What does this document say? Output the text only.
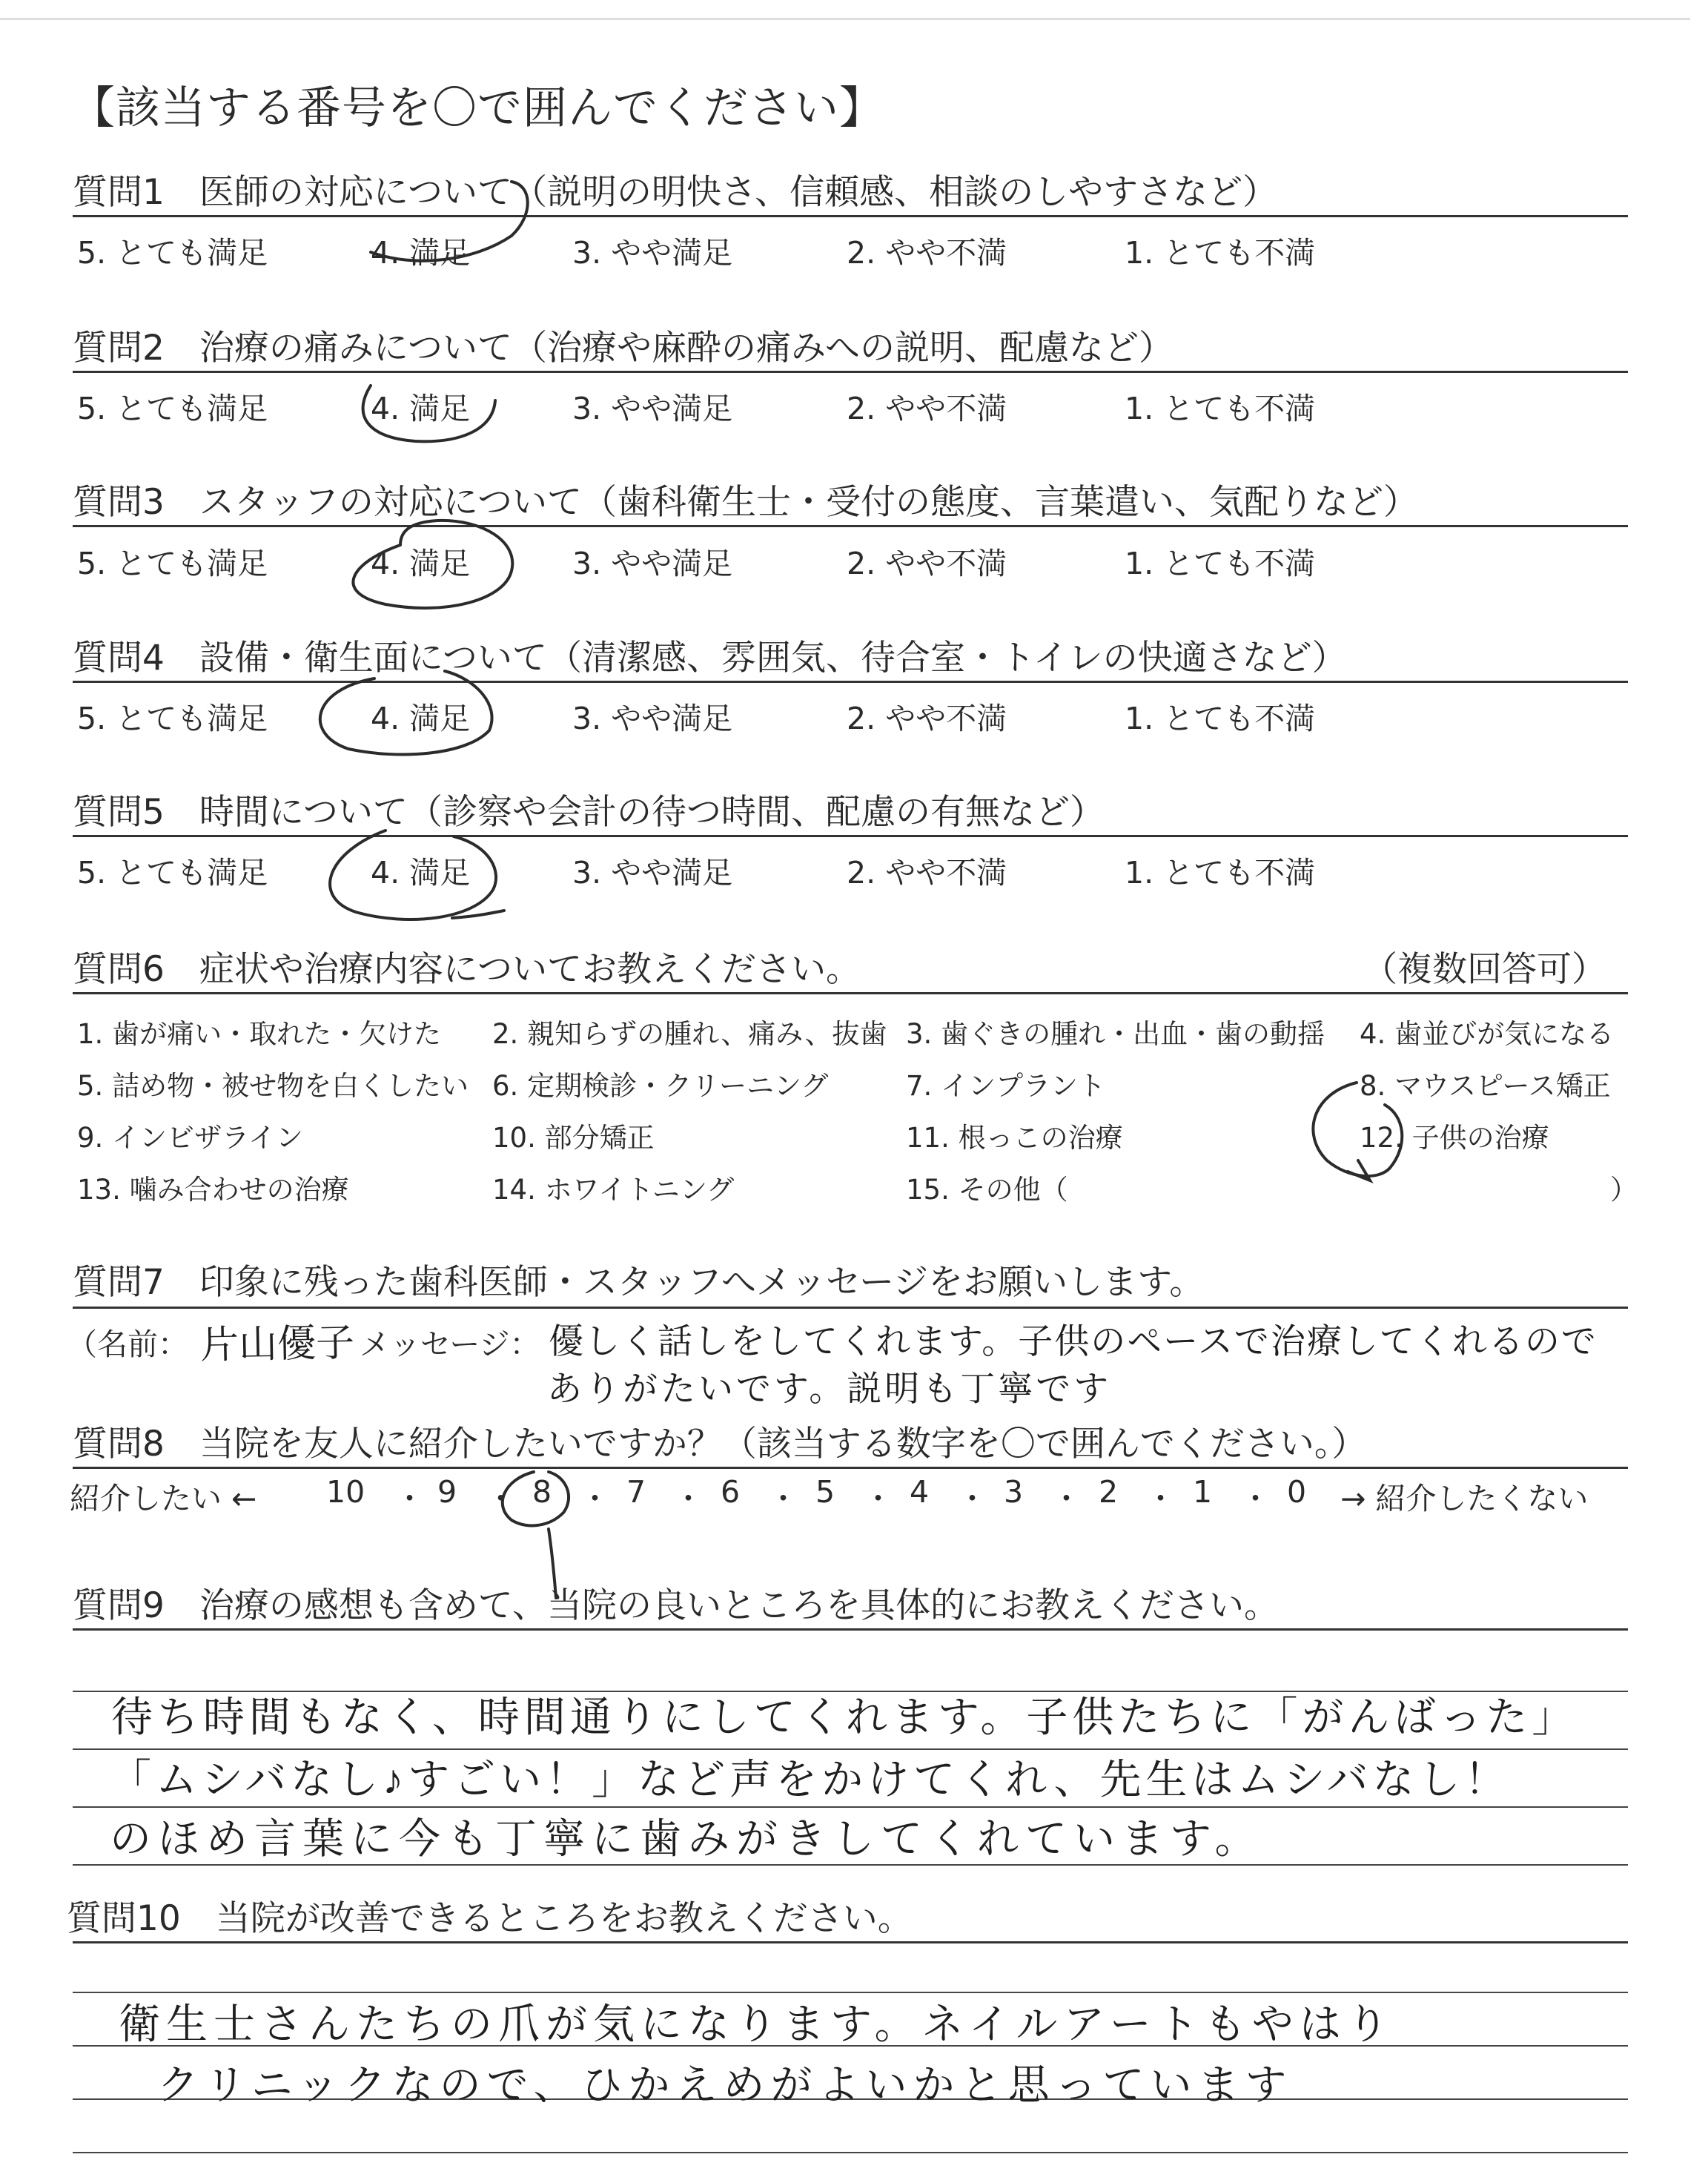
【該当する番号を〇で囲んでください】
質問1　医師の対応について（説明の明快さ、信頼感、相談のしやすさなど）
5. とても満足	4. 満足	3. やや満足	2. やや不満	1. とても不満
質問2　治療の痛みについて（治療や麻酔の痛みへの説明、配慮など）
5. とても満足	4. 満足	3. やや満足	2. やや不満	1. とても不満
質問3　スタッフの対応について（歯科衛生士・受付の態度、言葉遣い、気配りなど）
5. とても満足	4. 満足	3. やや満足	2. やや不満	1. とても不満
質問4　設備・衛生面について（清潔感、雰囲気、待合室・トイレの快適さなど）
5. とても満足	4. 満足	3. やや満足	2. やや不満	1. とても不満
質問5　時間について（診察や会計の待つ時間、配慮の有無など）
5. とても満足	4. 満足	3. やや満足	2. やや不満	1. とても不満
質問6　症状や治療内容についてお教えください。	（複数回答可）
1. 歯が痛い・取れた・欠けた 2. 親知らずの腫れ、痛み、抜歯 3. 歯ぐきの腫れ・出血・歯の動揺 4. 歯並びが気になる
5. 詰め物・被せ物を白くしたい 6. 定期検診・クリーニング	7. インプラント	8. マウスピース矯正
9. インビザライン	10. 部分矯正	11. 根っこの治療	12. 子供の治療
13. 噛み合わせの治療	14. ホワイトニング	15. その他（	）
質問7　印象に残った歯科医師・スタッフへメッセージをお願いします。
（名前： 片山優子 メッセージ： 優しく話しをしてくれます。子供のペースで治療してくれるので
ありがたいです。説明も丁寧です
質問8　当院を友人に紹介したいですか？（該当する数字を〇で囲んでください。）
紹介したい ←	→ 紹介したくない
10 ・ 9 ・ 8 ・ 7 ・ 6 ・ 5 ・ 4 ・ 3 ・ 2 ・ 1 ・ 0
質問9　治療の感想も含めて、当院の良いところを具体的にお教えください。
待ち時間もなく、時間通りにしてくれます。子供たちに「がんばった」
「ムシバなし♪すごい！」など声をかけてくれ、先生はムシバなし！
のほめ言葉に今も丁寧に歯みがきしてくれています。
質問10　当院が改善できるところをお教えください。
衛生士さんたちの爪が気になります。ネイルアートもやはり
クリニックなので、ひかえめがよいかと思っています
